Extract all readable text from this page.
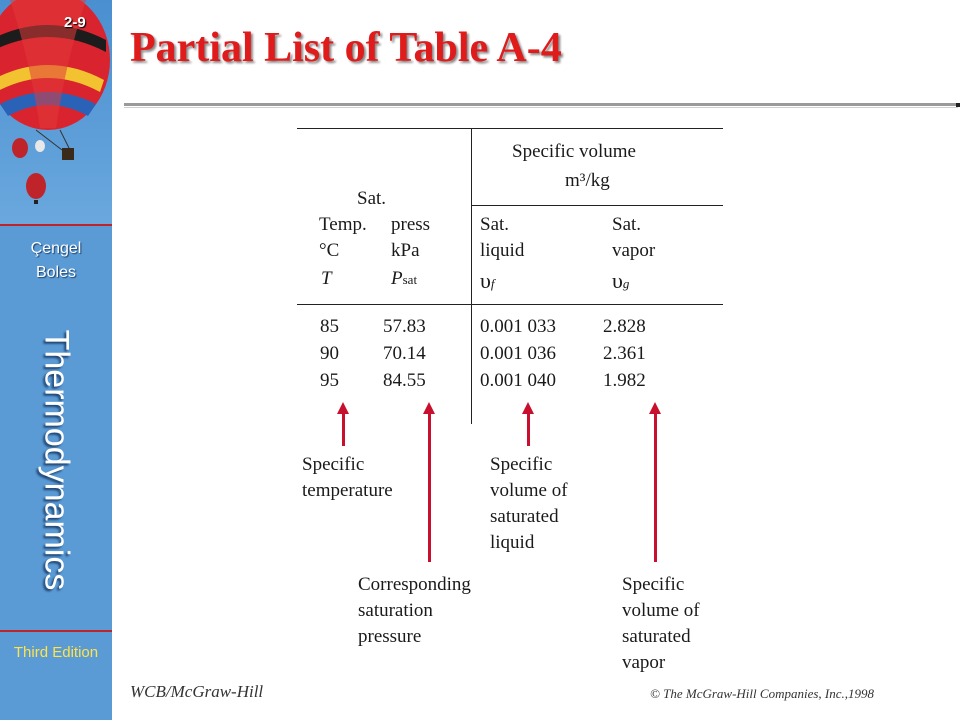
2-9
Çengel
Boles
Thermodynamics
Third Edition
Partial List of Table A-4
Specific volume
m³/kg
Sat.
Temp.
°C
T
press
kPa
Psat
Sat.
liquid
υf
Sat.
vapor
υg
85
90
95
57.83
70.14
84.55
0.001 033
0.001 036
0.001 040
2.828
2.361
1.982
Specific
temperature
Specific
volume of
saturated
liquid
Corresponding
saturation
pressure
Specific
volume of
saturated
vapor
WCB/McGraw-Hill	© The McGraw-Hill Companies, Inc.,1998
